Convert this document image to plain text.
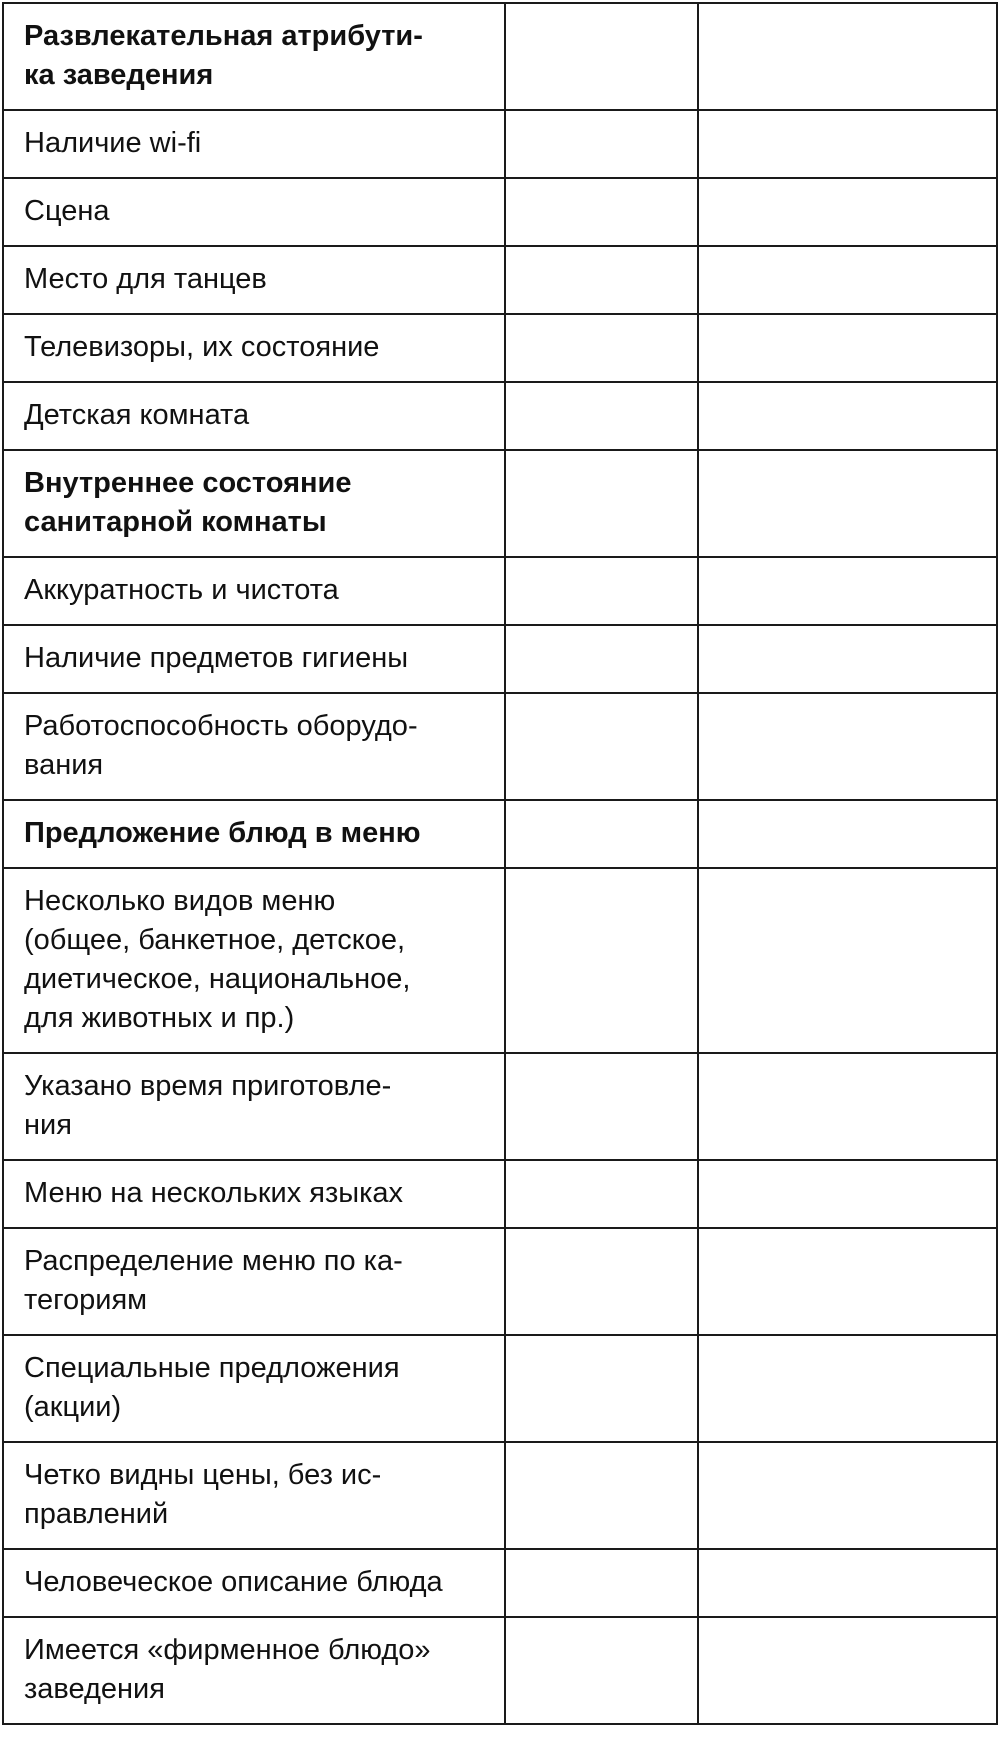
Развлекательная атрибути-
ка заведения		

Наличие wi-fi		

Сцена		

Место для танцев		

Телевизоры, их состояние		

Детская комната		

Внутреннее состояние
санитарной комнаты		

Аккуратность и чистота		

Наличие предметов гигиены		

Работоспособность оборудо-
вания		

Предложение блюд в меню		

Несколько видов меню
(общее, банкетное, детское,
диетическое, национальное,
для животных и пр.)		

Указано время приготовле-
ния		

Меню на нескольких языках		

Распределение меню по ка-
тегориям		

Специальные предложения
(акции)		

Четко видны цены, без ис-
правлений		

Человеческое описание блюда		

Имеется «фирменное блюдо»
заведения		
